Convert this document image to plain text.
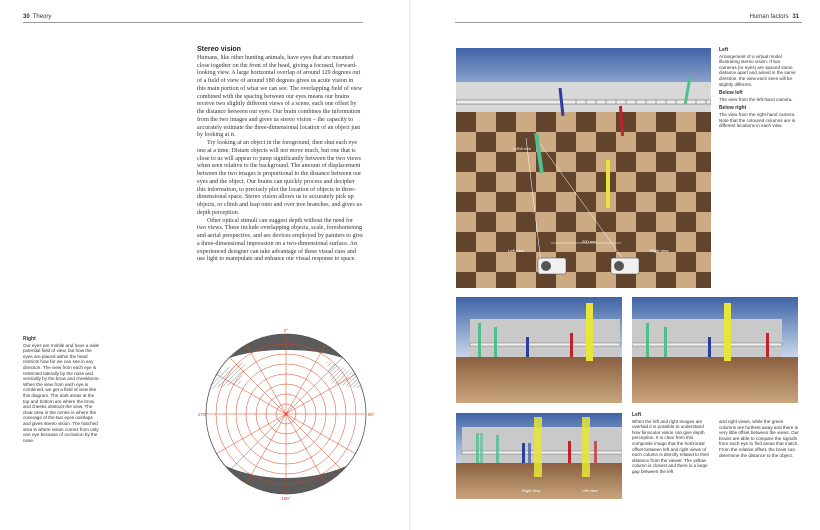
30 Theory	Human factors 31
Stereo vision

Humans, like other hunting animals, have eyes that are mounted close together on the front of the head, giving a focused, forward-looking view. A large horizontal overlap of around 120 degrees out of a field of view of around 180 degrees gives us acute vision in this main portion of what we can see. The overlapping field of view combined with the spacing between our eyes means our brains receive two slightly different views of a scene, each one offset by the distance between our eyes. Our brain combines the information from the two images and gives us stereo vision – the capacity to accurately estimate the three-dimensional location of an object just by looking at it.

Try looking at an object in the foreground, then shut each eye one at a time. Distant objects will not move much, but one that is close to us will appear to jump significantly between the two views when seen relative to the background. The amount of displacement between the two images is proportional to the distance between our eyes and the object. Our brains can quickly process and decipher this information, to precisely plot the location of objects in three-dimensional space. Stereo vision allows us to accurately pick up objects, or climb and leap onto and over tree branches, and gives us depth perception.

Other optical stimuli can suggest depth without the need for two views. These include overlapping objects, scale, foreshortening and aerial perspective, and are devices employed by painters to give a three-dimensional impression on a two-dimensional surface. An experienced designer can take advantage of these visual cues and use light to manipulate and enhance our visual response to space.

Right
Our eyes are mobile and have a wide potential field of view, but how the eyes are placed within the head restricts how far we can see in any direction. The view from each eye is restricted laterally by the nose and vertically by the brow and cheekbone. When the view from each eye is combined, we get a field of view like this diagram. The dark areas at the top and bottom are where the brow and cheeks obstruct the view. The clear area in the centre is where the coverage of the two eyes overlaps and gives stereo vision. The hatched area is where vision comes from only one eye because of occlusion by the nose.
0°
270°	90°
180°
1,600 mm
200 mm
Left view	Right view

Left
Arrangement of a virtual model illustrating stereo vision. If two cameras (or eyes) are spaced some distance apart and aimed in the same direction, the view each sees will be slightly different.

Below left
The view from the left-hand camera.

Below right
The view from the right-hand camera. Note that the coloured columns are in different locations in each view.

Right view	Left view
Left
When the left and right images are overlaid it is possible to understand how binocular vision can give depth perception. It is clear from this composite image that the horizontal offset between left and right views of each column is directly related to their distance from the viewer. The yellow column is closest and there is a large gap between the left
and right views, while the green columns are furthest away and there is very little offset between the views. Our brains are able to compare the signals from each eye to find areas that match. From the relative offset, the brain can determine the distance to the object.
